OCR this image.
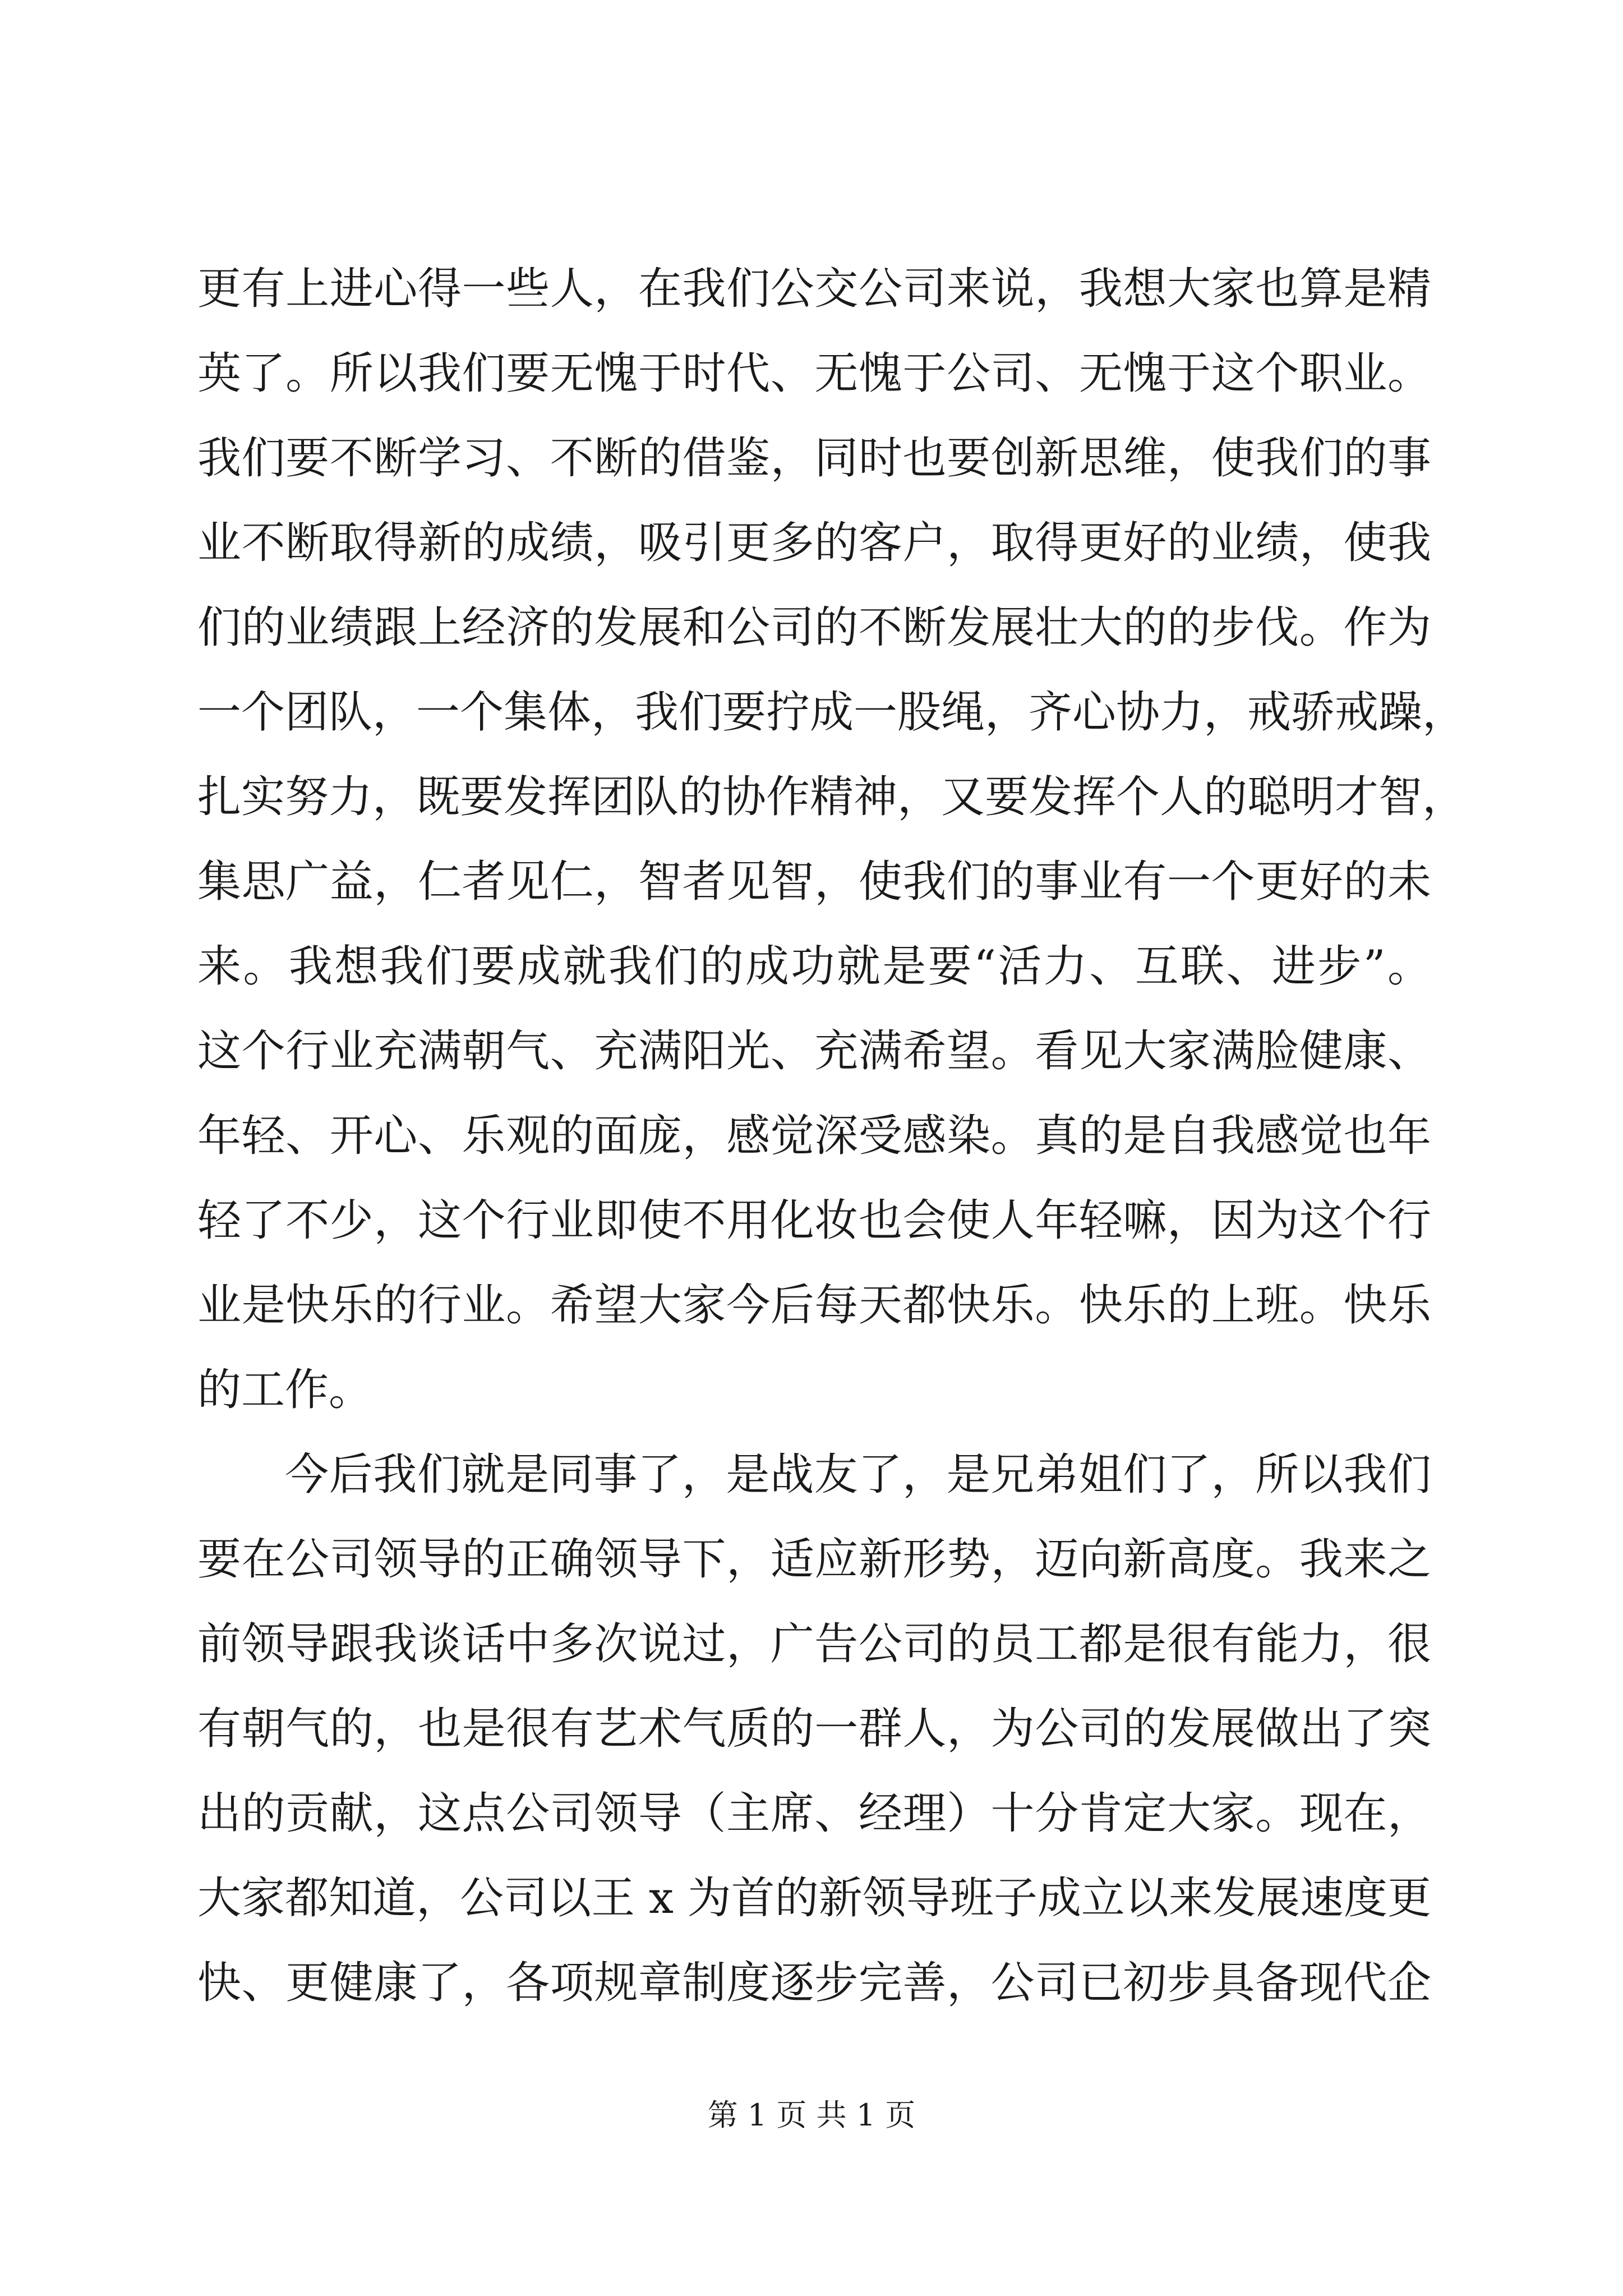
更有上进心得一些人，在我们公交公司来说，我想大家也算是精
英了。所以我们要无愧于时代、无愧于公司、无愧于这个职业。
我们要不断学习、不断的借鉴，同时也要创新思维，使我们的事
业不断取得新的成绩，吸引更多的客户，取得更好的业绩，使我
们的业绩跟上经济的发展和公司的不断发展壮大的的步伐。作为
一个团队，一个集体，我们要拧成一股绳，齐心协力，戒骄戒躁，
扎实努力，既要发挥团队的协作精神，又要发挥个人的聪明才智，
集思广益，仁者见仁，智者见智，使我们的事业有一个更好的未
来。我想我们要成就我们的成功就是要“活力、互联、进步”。
这个行业充满朝气、充满阳光、充满希望。看见大家满脸健康、
年轻、开心、乐观的面庞，感觉深受感染。真的是自我感觉也年
轻了不少，这个行业即使不用化妆也会使人年轻嘛，因为这个行
业是快乐的行业。希望大家今后每天都快乐。快乐的上班。快乐
的工作。
今后我们就是同事了，是战友了，是兄弟姐们了，所以我们
要在公司领导的正确领导下，适应新形势，迈向新高度。我来之
前领导跟我谈话中多次说过，广告公司的员工都是很有能力，很
有朝气的，也是很有艺术气质的一群人，为公司的发展做出了突
出的贡献，这点公司领导（主席、经理）十分肯定大家。现在，
大家都知道，公司以王 x 为首的新领导班子成立以来发展速度更
快、更健康了，各项规章制度逐步完善，公司已初步具备现代企
第 1 页 共 1 页
